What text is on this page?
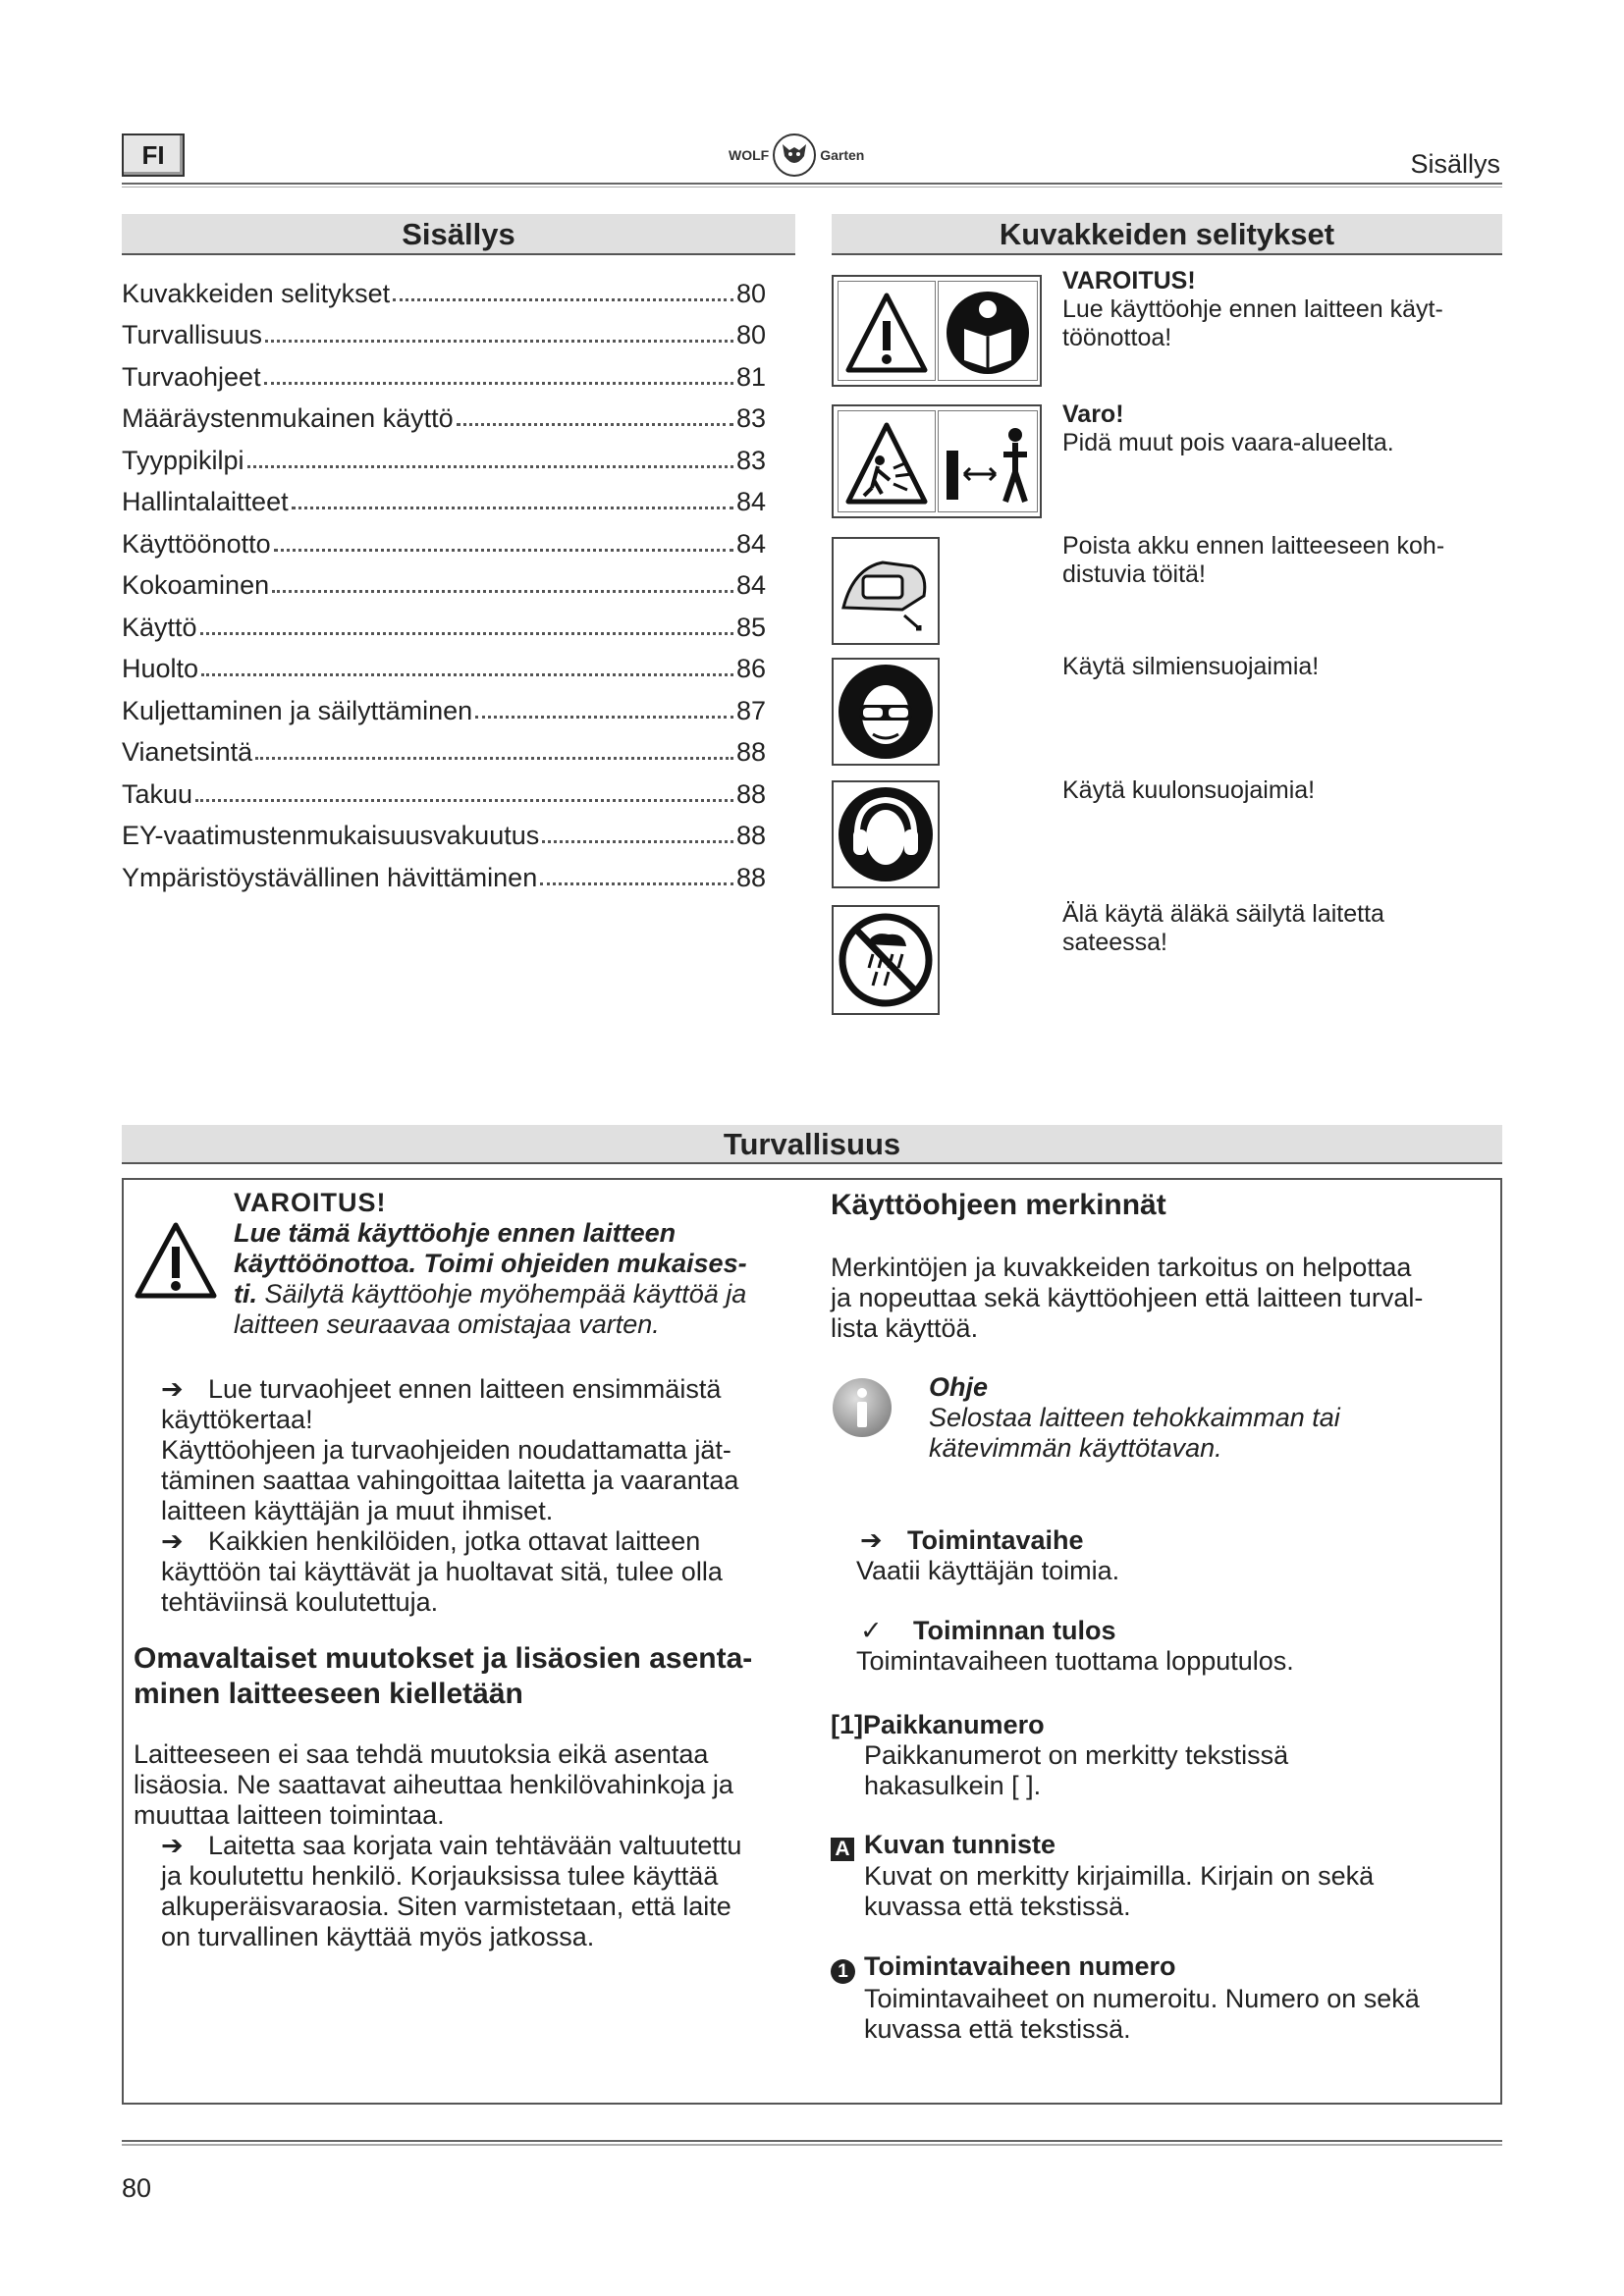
FI	WOLF	Garten	Sisällys
Sisällys
Kuvakkeiden selitykset	80
Turvallisuus	80
Turvaohjeet	81
Määräystenmukainen käyttö	83
Tyyppikilpi	83
Hallintalaitteet	84
Käyttöönotto	84
Kokoaminen	84
Käyttö	85
Huolto	86
Kuljettaminen ja säilyttäminen	87
Vianetsintä	88
Takuu	88
EY-vaatimustenmukaisuusvakuutus	88
Ympäristöystävällinen hävittäminen	88
Kuvakkeiden selitykset
VAROITUS!
Lue käyttöohje ennen laitteen käyt-
töönottoa!
Varo!
Pidä muut pois vaara-alueelta.
Poista akku ennen laitteeseen koh-
distuvia töitä!
Käytä silmiensuojaimia!
Käytä kuulonsuojaimia!
Älä käytä äläkä säilytä laitetta
sateessa!
Turvallisuus
VAROITUS!
Lue tämä käyttöohje ennen laitteen
käyttöönottoa. Toimi ohjeiden mukaises-
ti. Säilytä käyttöohje myöhempää käyttöä ja
laitteen seuraavaa omistajaa varten.
➔ Lue turvaohjeet ennen laitteen ensimmäistä
käyttökertaa!
Käyttöohjeen ja turvaohjeiden noudattamatta jät-
täminen saattaa vahingoittaa laitetta ja vaarantaa
laitteen käyttäjän ja muut ihmiset.
➔ Kaikkien henkilöiden, jotka ottavat laitteen
käyttöön tai käyttävät ja huoltavat sitä, tulee olla
tehtäviinsä koulutettuja.
Omavaltaiset muutokset ja lisäosien asenta-
minen laitteeseen kielletään
Laitteeseen ei saa tehdä muutoksia eikä asentaa
lisäosia. Ne saattavat aiheuttaa henkilövahinkoja ja
muuttaa laitteen toimintaa.
➔ Laitetta saa korjata vain tehtävään valtuutettu
ja koulutettu henkilö. Korjauksissa tulee käyttää
alkuperäisvaraosia. Siten varmistetaan, että laite
on turvallinen käyttää myös jatkossa.
Käyttöohjeen merkinnät
Merkintöjen ja kuvakkeiden tarkoitus on helpottaa
ja nopeuttaa sekä käyttöohjeen että laitteen turval-
lista käyttöä.
Ohje
Selostaa laitteen tehokkaimman tai
kätevimmän käyttötavan.
➔ Toimintavaihe
Vaatii käyttäjän toimia.
✓ Toiminnan tulos
Toimintavaiheen tuottama lopputulos.
[1]Paikkanumero
Paikkanumerot on merkitty tekstissä
hakasulkein [ ].
A Kuvan tunniste
Kuvat on merkitty kirjaimilla. Kirjain on sekä
kuvassa että tekstissä.
1 Toimintavaiheen numero
Toimintavaiheet on numeroitu. Numero on sekä
kuvassa että tekstissä.
80
